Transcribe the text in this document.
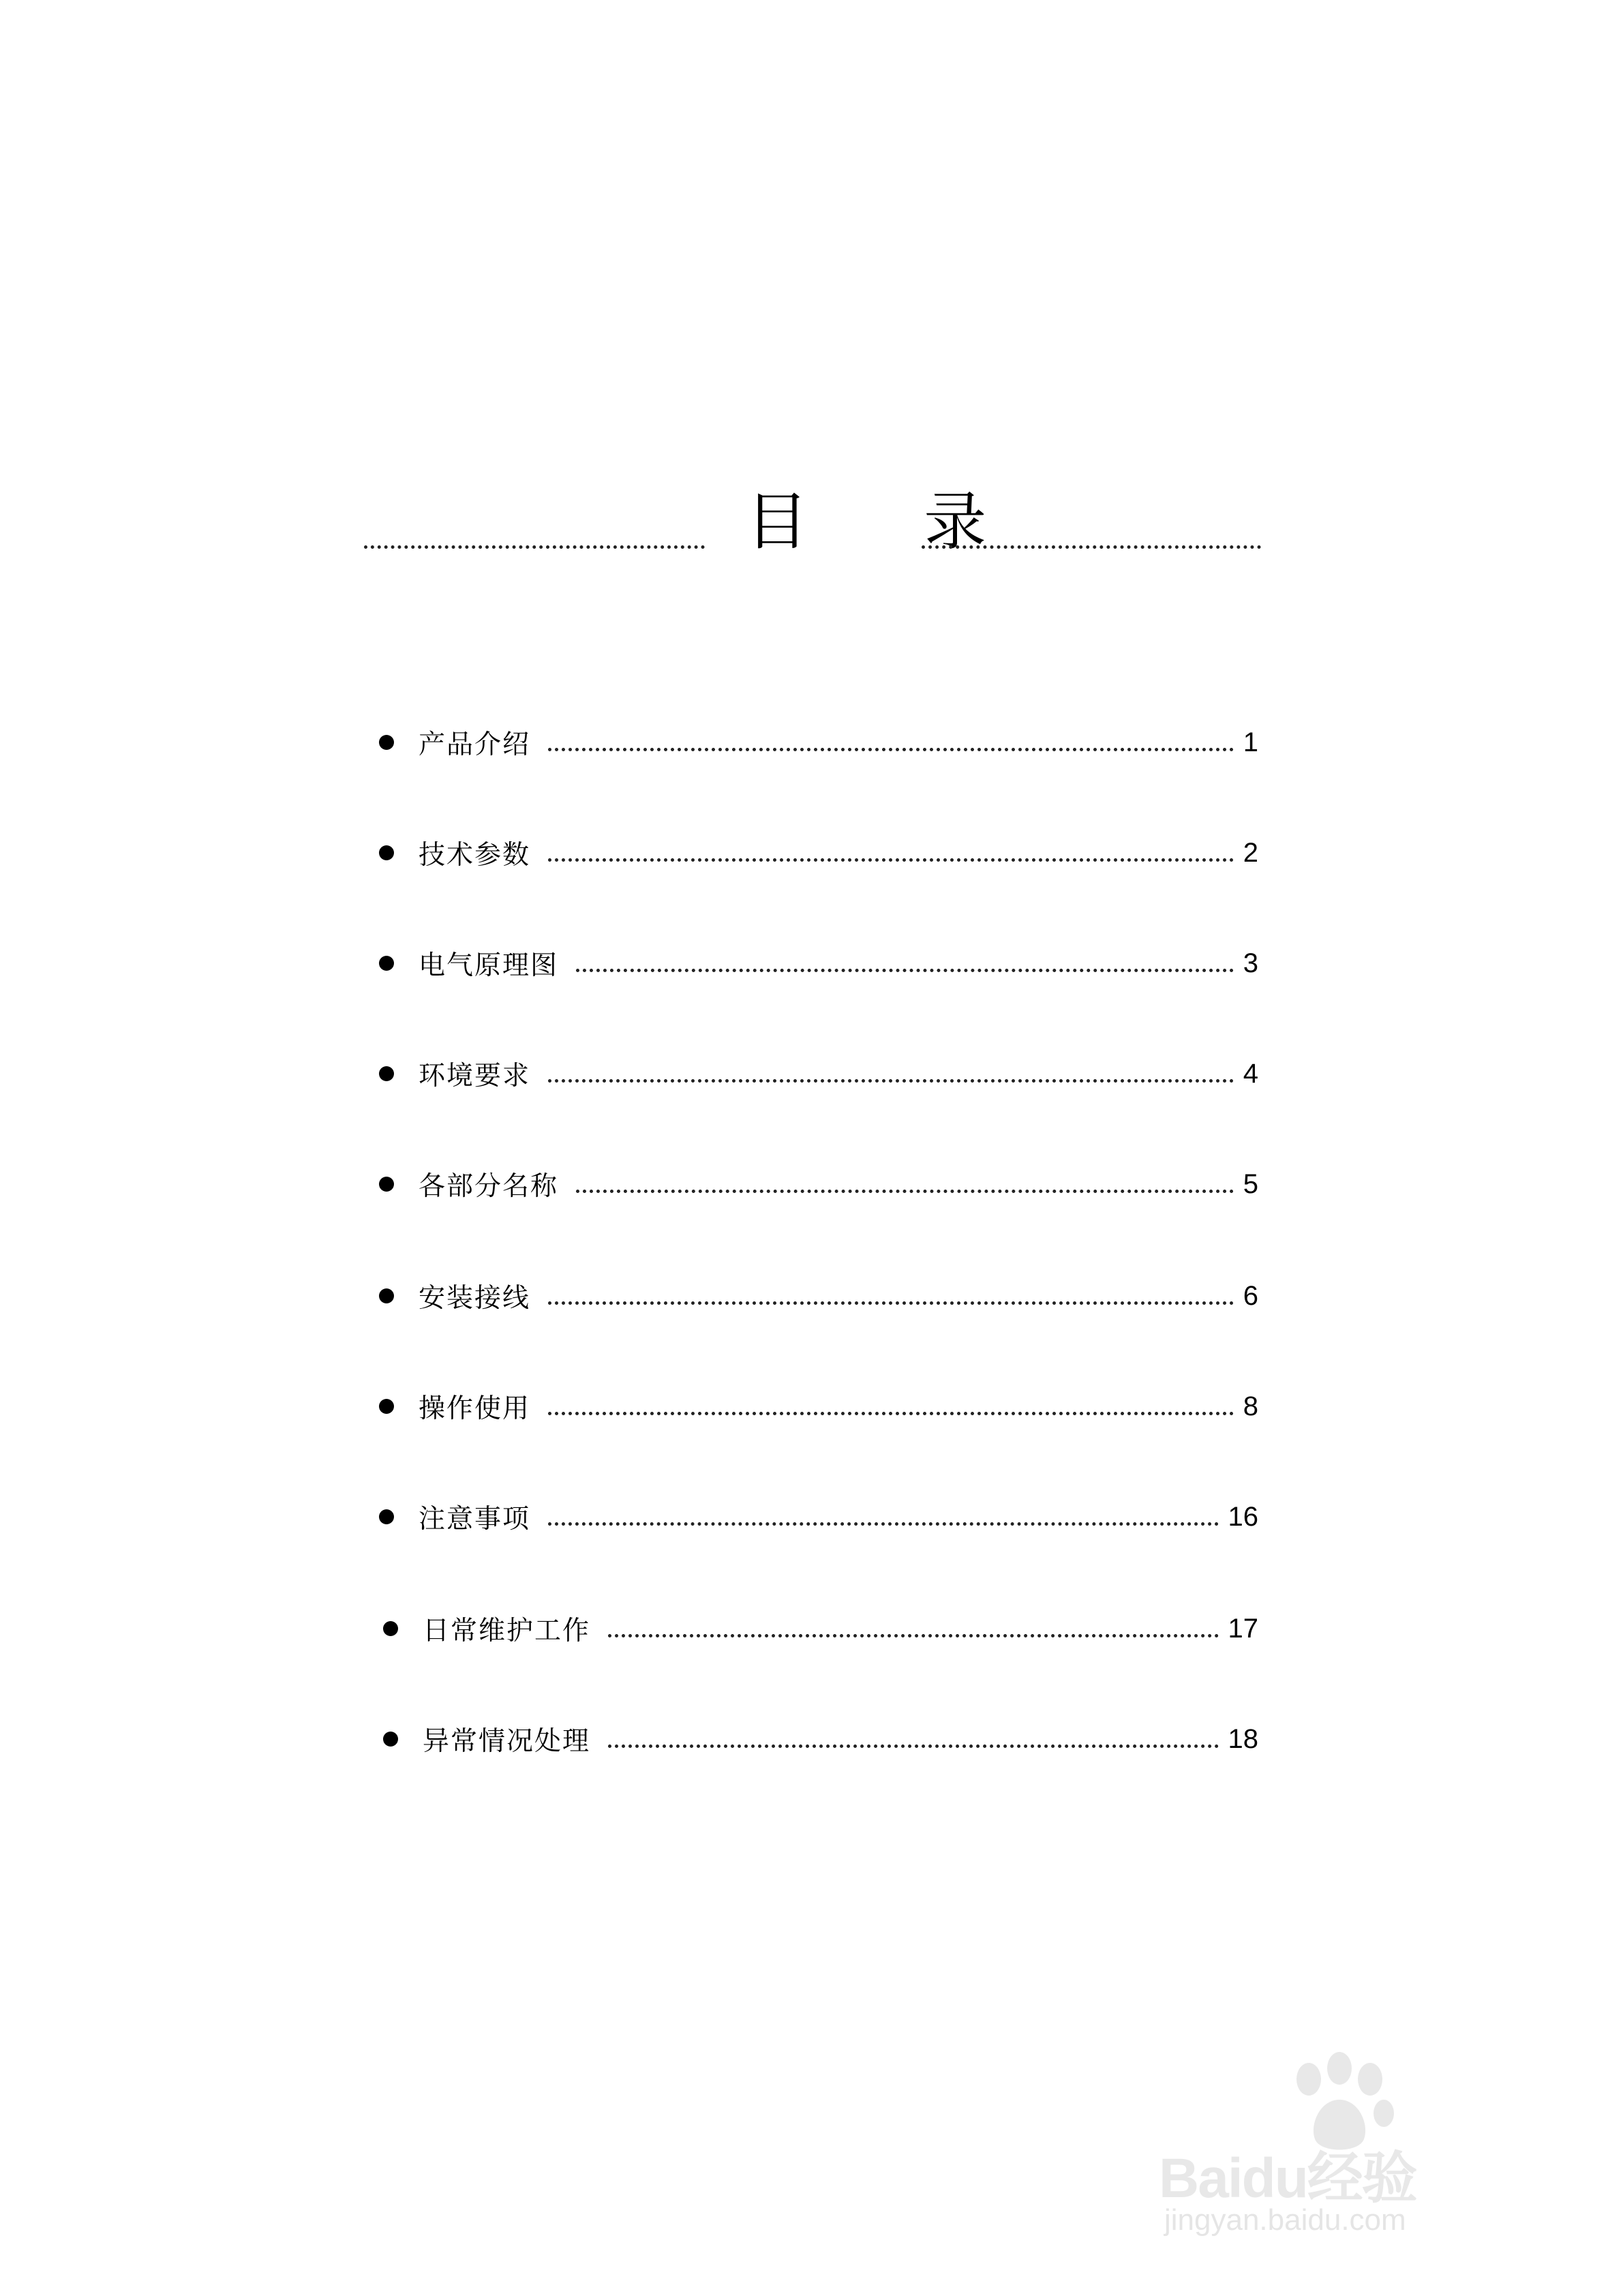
目 录
产品介绍	1
技术参数	2
电气原理图	3
环境要求	4
各部分名称	5
安装接线	6
操作使用	8
注意事项	16
日常维护工作	17
异常情况处理	18
Baidu经验
jingyan.baidu.com
